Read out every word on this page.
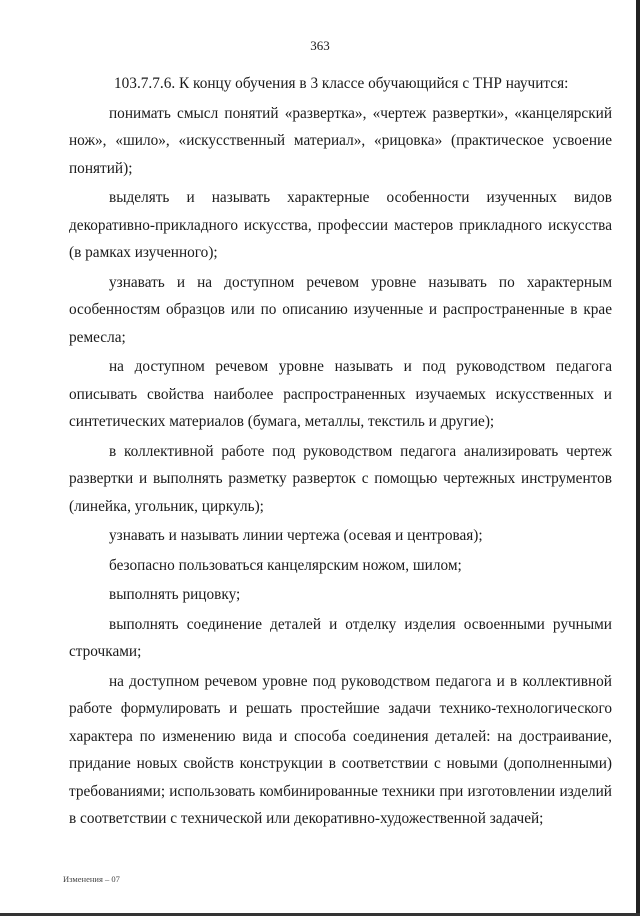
363

103.7.7.6. К концу обучения в 3 классе обучающийся с ТНР научится:

понимать смысл понятий «развертка», «чертеж развертки», «канцелярский нож», «шило», «искусственный материал», «рицовка» (практическое усвоение понятий);

выделять и называть характерные особенности изученных видов декоративно-прикладного искусства, профессии мастеров прикладного искусства (в рамках изученного);

узнавать и на доступном речевом уровне называть по характерным особенностям образцов или по описанию изученные и распространенные в крае ремесла;

на доступном речевом уровне называть и под руководством педагога описывать свойства наиболее распространенных изучаемых искусственных и синтетических материалов (бумага, металлы, текстиль и другие);

в коллективной работе под руководством педагога анализировать чертеж развертки и выполнять разметку разверток с помощью чертежных инструментов (линейка, угольник, циркуль);

узнавать и называть линии чертежа (осевая и центровая);

безопасно пользоваться канцелярским ножом, шилом;

выполнять рицовку;

выполнять соединение деталей и отделку изделия освоенными ручными строчками;

на доступном речевом уровне под руководством педагога и в коллективной работе формулировать и решать простейшие задачи технико-технологического характера по изменению вида и способа соединения деталей: на достраивание, придание новых свойств конструкции в соответствии с новыми (дополненными) требованиями; использовать комбинированные техники при изготовлении изделий в соответствии с технической или декоративно-художественной задачей;

Изменения – 07
